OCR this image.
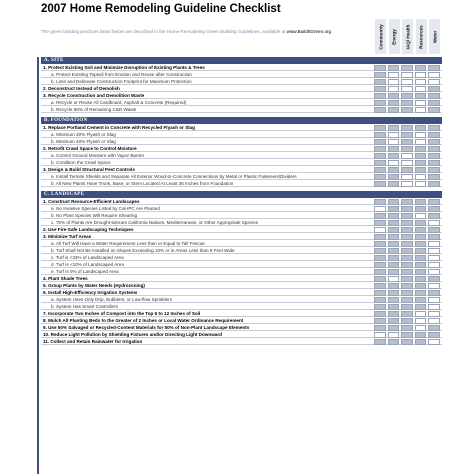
2007 Home Remodeling Guideline Checklist
The green building practices listed below are described in the Home Remodeling Green Building Guidelines, available at www.BuildItGreen.org	Community Energy IAQ/ Health Resources Water
A. SITE
1. Protect Existing Soil and Minimize Disruption of Existing Plants & Trees
a. Protect Existing Topsoil from Erosion and Reuse after Construction
b. Limit and Delineate Construction Footprint for Maximum Protection
2. Deconstruct Instead of Demolish
3. Recycle Construction and Demolition Waste
a. Recycle or Reuse All Cardboard, Asphalt & Concrete (Required)
b. Recycle 50% of Remaining C&D Waste
B. FOUNDATION
1. Replace Portland Cement in Concrete with Recycled Flyash or Slag
a. Minimum 30% Flyash or Slag
b. Minimum 40% Flyash or Slag
2. Retrofit Crawl Space to Control Moisture
a. Control Ground Moisture with Vapor Barrier
b. Condition the Crawl Space
3. Design & Build Structural Pest Controls
a. Install Termite Shields and Separate All Exterior Wood-to-Concrete Connections by Metal or Plastic Fasteners/Dividers
b. All New Plants Have Trunk, Base, or Stem Located At Least 36 Inches from Foundation
C. LANDSCAPE
1. Construct Resource-Efficient Landscapes
a. No Invasive Species Listed by Cal-IPC Are Planted
b. No Plant Species Will Require Shearing
c. 75% of Plants Are Drought-tolerant California Natives, Mediterranean, or Other Appropriate Species
2. Use Fire-Safe Landscaping Techniques
3. Minimize Turf Areas
a. All Turf Will Have a Water Requirement Less than or Equal to Tall Fescue
b. Turf Shall Not Be Installed on Slopes Exceeding 10% or in Areas Less than 8 Feet Wide
c. Turf is <33% of Landscaped Area
d. Turf is <10% of Landscaped Area
e. Turf is 0% of Landscaped Area
4. Plant Shade Trees
5. Group Plants by Water Needs (Hydrozoning)
6. Install High-Efficiency Irrigation Systems
a. System Uses Only Drip, Bubblers, or Low-flow Sprinklers
b. System Has Smart Controllers
7. Incorporate Two Inches of Compost into the Top 6 to 12 Inches of Soil
8. Mulch All Planting Beds to the Greater of 2 Inches or Local Water Ordinance Requirement
9. Use 50% Salvaged or Recycled-Content Materials for 50% of Non-Plant Landscape Elements
10. Reduce Light Pollution by Shielding Fixtures and/or Directing Light Downward
11. Collect and Retain Rainwater for Irrigation
